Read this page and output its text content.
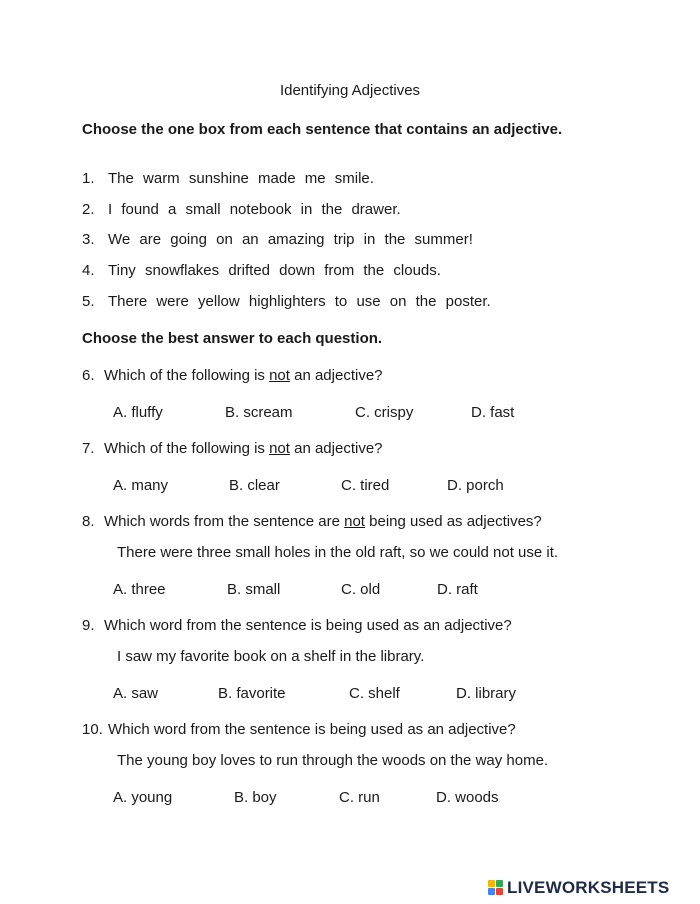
Identifying Adjectives
Choose the one box from each sentence that contains an adjective.
1. The warm sunshine made me smile.
2. I found a small notebook in the drawer.
3. We are going on an amazing trip in the summer!
4. Tiny snowflakes drifted down from the clouds.
5. There were yellow highlighters to use on the poster.
Choose the best answer to each question.
6. Which of the following is not an adjective?
A. fluffy	B. scream	C. crispy	D. fast
7. Which of the following is not an adjective?
A. many	B. clear	C. tired	D. porch
8. Which words from the sentence are not being used as adjectives?
There were three small holes in the old raft, so we could not use it.
A. three	B. small	C. old	D. raft
9. Which word from the sentence is being used as an adjective?
I saw my favorite book on a shelf in the library.
A. saw	B. favorite	C. shelf	D. library
10. Which word from the sentence is being used as an adjective?
The young boy loves to run through the woods on the way home.
A. young	B. boy	C. run	D. woods
LIVEWORKSHEETS
